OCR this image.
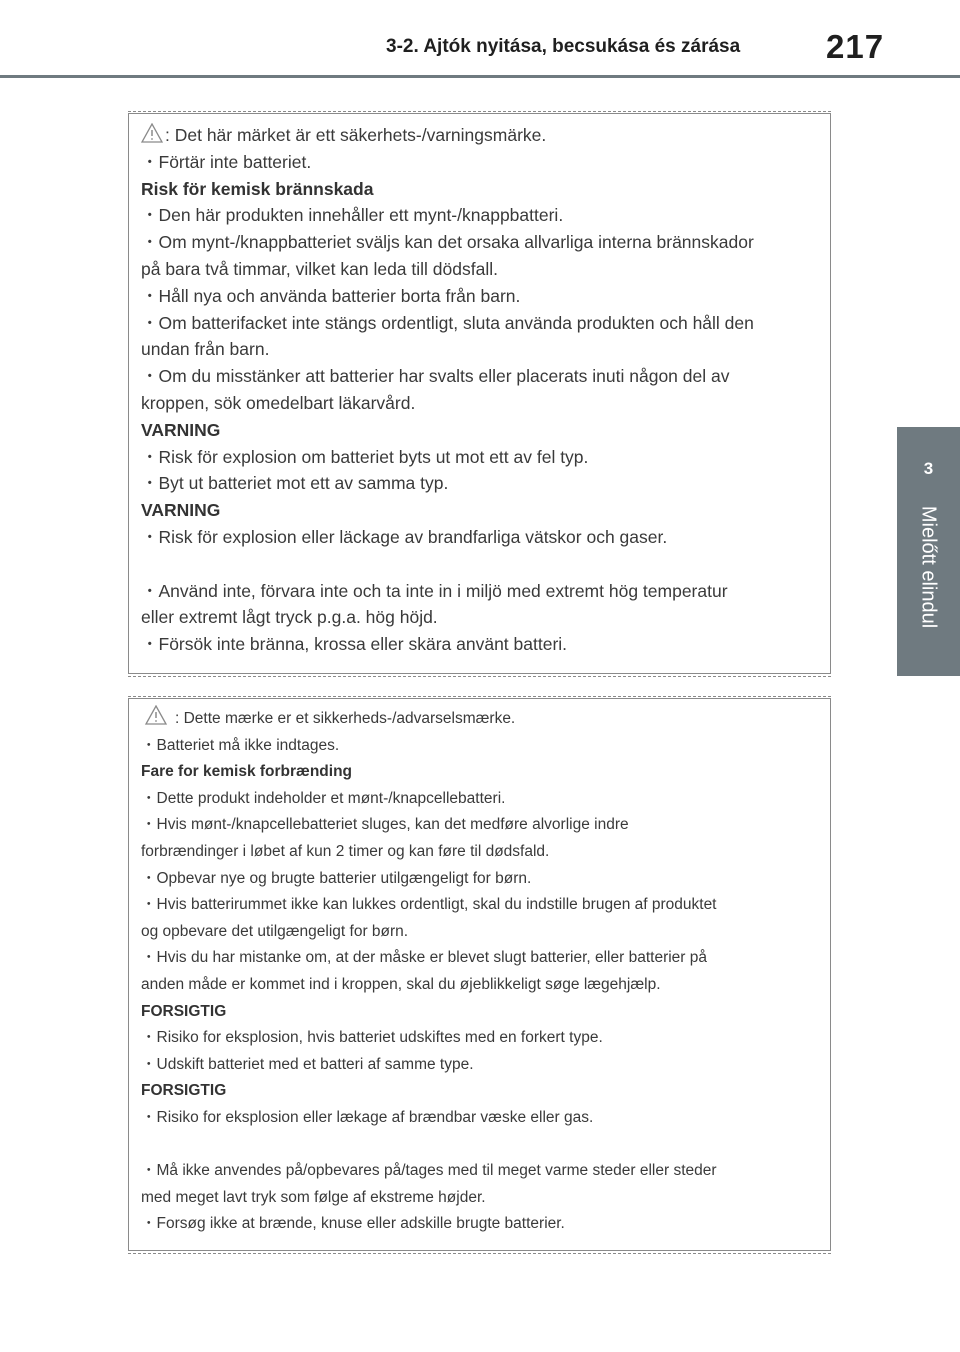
3-2. Ajtók nyitása, becsukása és zárása	217
3
Mielőtt elindul
: Det här märket är ett säkerhets-/varningsmärke.
・Förtär inte batteriet.
Risk för kemisk brännskada
・Den här produkten innehåller ett mynt-/knappbatteri.
・Om mynt-/knappbatteriet sväljs kan det orsaka allvarliga interna brännskador
på bara två timmar, vilket kan leda till dödsfall.
・Håll nya och använda batterier borta från barn.
・Om batterifacket inte stängs ordentligt, sluta använda produkten och håll den
undan från barn.
・Om du misstänker att batterier har svalts eller placerats inuti någon del av
kroppen, sök omedelbart läkarvård.
VARNING
・Risk för explosion om batteriet byts ut mot ett av fel typ.
・Byt ut batteriet mot ett av samma typ.
VARNING
・Risk för explosion eller läckage av brandfarliga vätskor och gaser.
・Använd inte, förvara inte och ta inte in i miljö med extremt hög temperatur
eller extremt lågt tryck p.g.a. hög höjd.
・Försök inte bränna, krossa eller skära använt batteri.
: Dette mærke er et sikkerheds-/advarselsmærke.
・Batteriet må ikke indtages.
Fare for kemisk forbrænding
・Dette produkt indeholder et mønt-/knapcellebatteri.
・Hvis mønt-/knapcellebatteriet sluges, kan det medføre alvorlige indre
forbrændinger i løbet af kun 2 timer og kan føre til dødsfald.
・Opbevar nye og brugte batterier utilgængeligt for børn.
・Hvis batterirummet ikke kan lukkes ordentligt, skal du indstille brugen af produktet
og opbevare det utilgængeligt for børn.
・Hvis du har mistanke om, at der måske er blevet slugt batterier, eller batterier på
anden måde er kommet ind i kroppen, skal du øjeblikkeligt søge lægehjælp.
FORSIGTIG
・Risiko for eksplosion, hvis batteriet udskiftes med en forkert type.
・Udskift batteriet med et batteri af samme type.
FORSIGTIG
・Risiko for eksplosion eller lækage af brændbar væske eller gas.
・Må ikke anvendes på/opbevares på/tages med til meget varme steder eller steder
med meget lavt tryk som følge af ekstreme højder.
・Forsøg ikke at brænde, knuse eller adskille brugte batterier.
